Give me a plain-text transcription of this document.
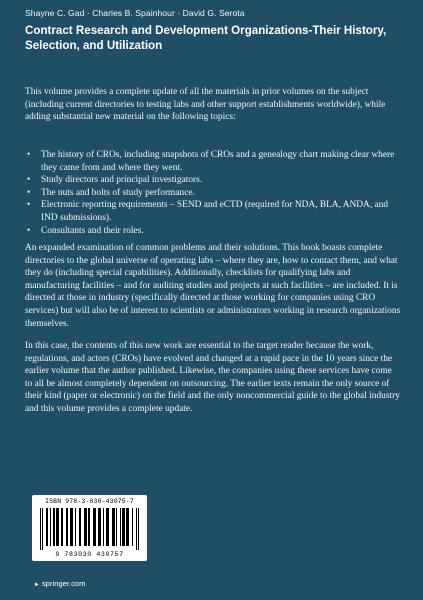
Shayne C. Gad · Charles B. Spainhour · David G. Serota
Contract Research and Development Organizations-Their History, Selection, and Utilization
This volume provides a complete update of all the materials in prior volumes on the subject (including current directories to testing labs and other support establishments worldwide), while adding substantial new material on the following topics:
• The history of CROs, including snapshots of CROs and a genealogy chart making clear where they came from and where they went.
• Study directors and principal investigators.
• The nuts and bolts of study performance.
• Electronic reporting requirements – SEND and eCTD (required for NDA, BLA, ANDA, and IND submissions).
• Consultants and their roles.
An expanded examination of common problems and their solutions. This book boasts complete directories to the global universe of operating labs – where they are, how to contact them, and what they do (including special capabilities). Additionally, checklists for qualifying labs and manufacturing facilities – and for auditing studies and projects at such facilities – are included. It is directed at those in industry (specifically directed at those working for companies using CRO services) but will also be of interest to scientists or administrators working in research organizations themselves.
In this case, the contents of this new work are essential to the target reader because the work, regulations, and actors (CROs) have evolved and changed at a rapid pace in the 10 years since the earlier volume that the author published. Likewise, the companies using these services have come to all be almost completely dependent on outsourcing. The earlier texts remain the only source of their kind (paper or electronic) on the field and the only noncommercial guide to the global industry and this volume provides a complete update.
ISBN 978-3-030-43075-7
9 783030 430757
► springer.com
